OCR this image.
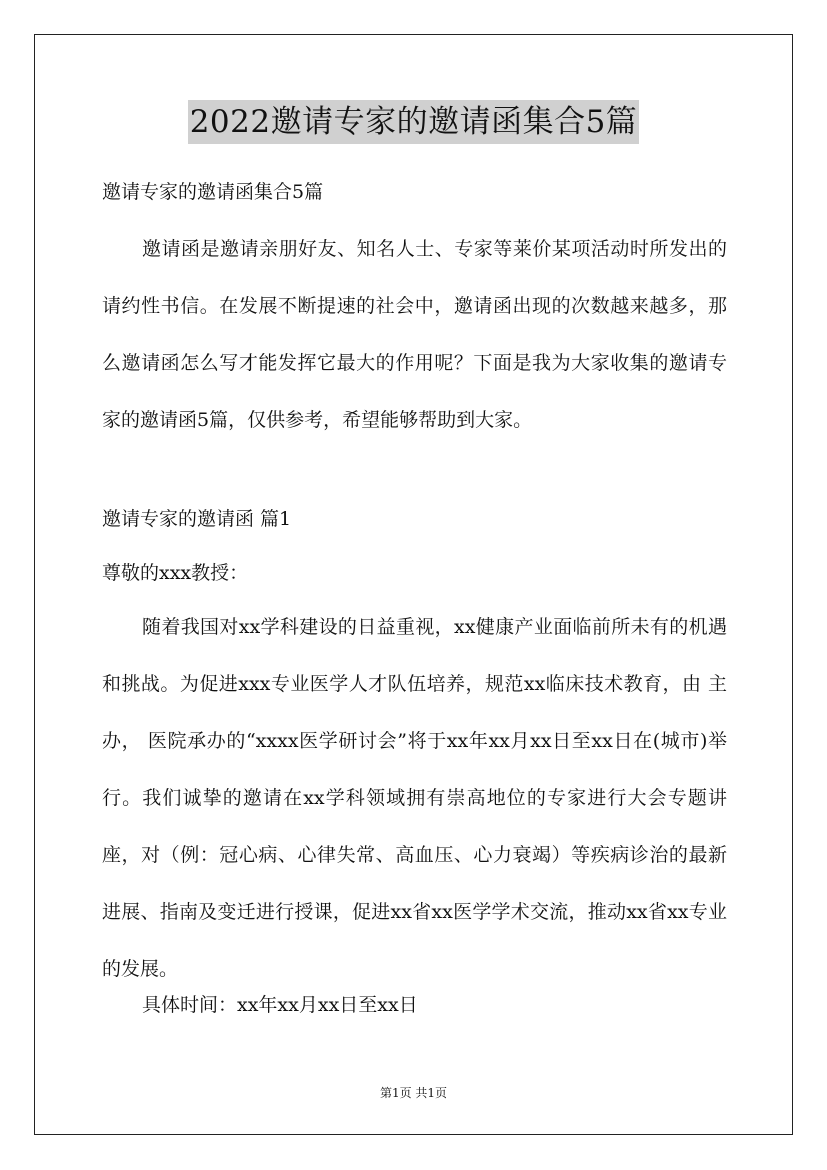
2022邀请专家的邀请函集合5篇

邀请专家的邀请函集合5篇

邀请函是邀请亲朋好友、知名人士、专家等莱价某项活动时所发出的请约性书信。在发展不断提速的社会中，邀请函出现的次数越来越多，那么邀请函怎么写才能发挥它最大的作用呢？下面是我为大家收集的邀请专家的邀请函5篇，仅供参考，希望能够帮助到大家。

邀请专家的邀请函 篇1

尊敬的xxx教授：

随着我国对xx学科建设的日益重视，xx健康产业面临前所未有的机遇和挑战。为促进xxx专业医学人才队伍培养，规范xx临床技术教育，由 主办， 医院承办的“xxxx医学研讨会”将于xx年xx月xx日至xx日在(城市)举行。我们诚挚的邀请在xx学科领域拥有崇高地位的专家进行大会专题讲座，对（例：冠心病、心律失常、高血压、心力衰竭）等疾病诊治的最新进展、指南及变迁进行授课，促进xx省xx医学学术交流，推动xx省xx专业的发展。

具体时间：xx年xx月xx日至xx日

第1页 共1页
